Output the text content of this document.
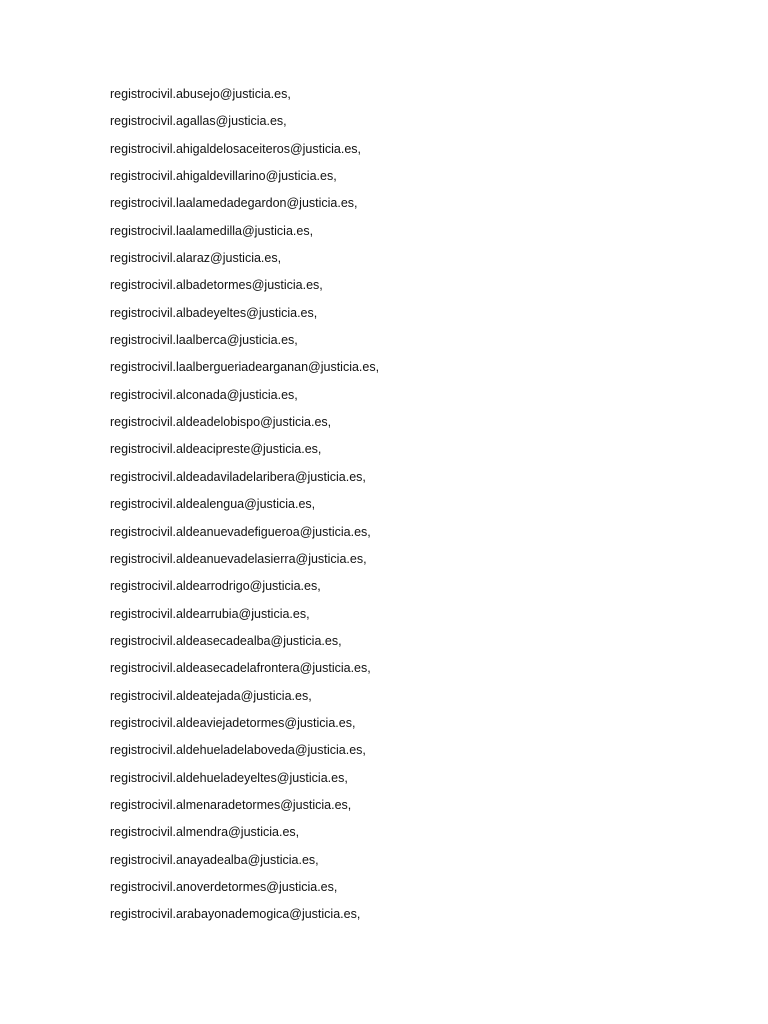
registrocivil.abusejo@justicia.es,
registrocivil.agallas@justicia.es,
registrocivil.ahigaldelosaceiteros@justicia.es,
registrocivil.ahigaldevillarino@justicia.es,
registrocivil.laalamedadegardon@justicia.es,
registrocivil.laalamedilla@justicia.es,
registrocivil.alaraz@justicia.es,
registrocivil.albadetormes@justicia.es,
registrocivil.albadeyeltes@justicia.es,
registrocivil.laalberca@justicia.es,
registrocivil.laalbergueriadearganan@justicia.es,
registrocivil.alconada@justicia.es,
registrocivil.aldeadelobispo@justicia.es,
registrocivil.aldeacipreste@justicia.es,
registrocivil.aldeadaviladelaribera@justicia.es,
registrocivil.aldealengua@justicia.es,
registrocivil.aldeanuevadefigueroa@justicia.es,
registrocivil.aldeanuevadelasierra@justicia.es,
registrocivil.aldearrodrigo@justicia.es,
registrocivil.aldearrubia@justicia.es,
registrocivil.aldeasecadealba@justicia.es,
registrocivil.aldeasecadelafrontera@justicia.es,
registrocivil.aldeatejada@justicia.es,
registrocivil.aldeaviejadetormes@justicia.es,
registrocivil.aldehueladelaboveda@justicia.es,
registrocivil.aldehueladeyeltes@justicia.es,
registrocivil.almenaradetormes@justicia.es,
registrocivil.almendra@justicia.es,
registrocivil.anayadealba@justicia.es,
registrocivil.anoverdetormes@justicia.es,
registrocivil.arabayonademogica@justicia.es,
